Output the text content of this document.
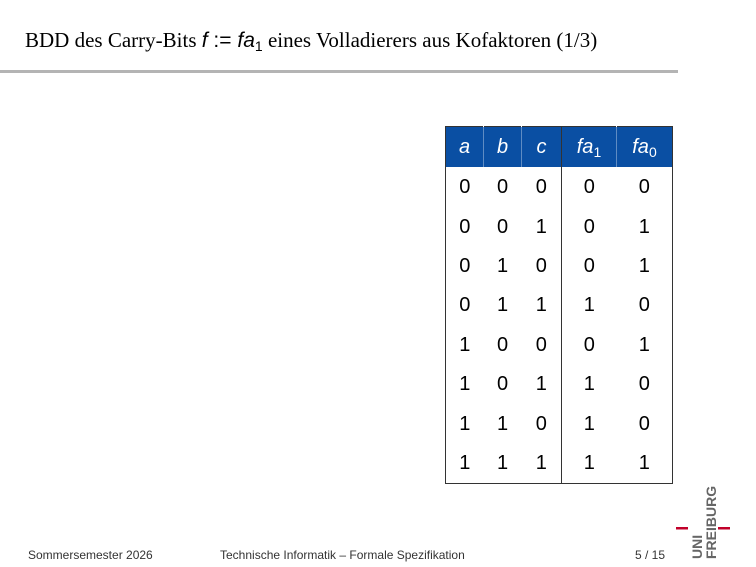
BDD des Carry-Bits f := $fa_1$ eines Volladierers aus Kofaktoren (1/3)
a	b	c	$fa_1$	$fa_0$
0	0	0	0	0
0	0	1	0	1
0	1	0	0	1
0	1	1	1	0
1	0	0	0	1
1	0	1	1	0
1	1	0	1	0
1	1	1	1	1
Sommersemester 2026	Technische Informatik – Formale Spezifikation	5 / 15 UNI
FREIBURG
